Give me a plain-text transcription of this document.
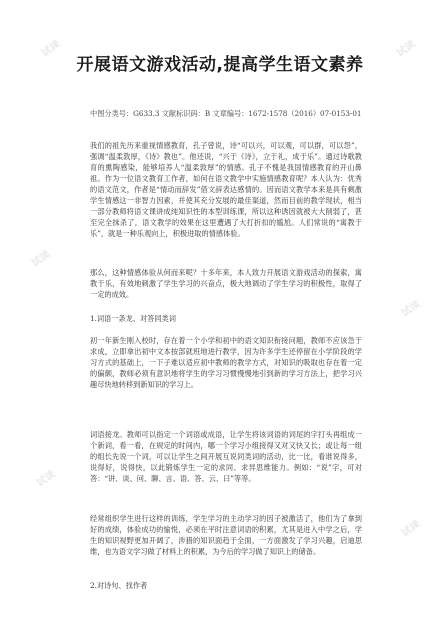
开展语文游戏活动,提高学生语文素养
中图分类号：G633.3 文献标识码：B 文章编号：1672-1578（2016）07-0153-01
我们的祖先历来重视情感教育，孔子曾说，诗“可以兴，可以观，可以群，可以怨”，强调“温柔敦厚，《诗》教也”。他还说，“兴于《诗》，立于礼，成于乐”。通过诗歌教育的熏陶感染，能够培养人“温柔敦厚”的情感。孔子不愧是我国情感教育的开山鼻祖。作为一位语文教育工作者，如何在语文教学中实施情感教育呢？本人认为：优秀的语文范文，作者是“情动而辞发”借文辞表达感情的。因而语文教学本来是具有剩激学生情感这一非智力因素，并使其充分发展的最佳渠道，然而目前的教学现状，相当一部分教师将语文课讲成纯知识性的本型训练课，所以这种诱因就被大大削弱了，甚至完全抹杀了，语文教学的效果在这里遭遇了大打折扣的尴尬。人们常说的“寓教于乐”，就是一种乐观向上，积极进取的情感体验。
那么，这种情感体验从何而来呢？十多年来，本人致力开展语文游戏活动的探索，寓教于乐，有效地刺激了学生学习的兴奋点，极大地调动了学生学习的积极性，取得了一定的成效。
1.词语一条龙、对答同类词
初一年新生刚入校时，存在着一个小学和初中的语文知识衔接问题，教师不应该急于求成，立即拿出初中文本按部就班地进行教学，因为许多学生还停留在小学阶段的学习方式的基础上，一下子难以适应初中教师的教学方式，对知识的吸取也存在着一定的偏颇，教师必须有意识地将学生的学习习惯慢慢地引到新的学习方法上，把学习兴趣尽快地转移到新知识的学习上。
词语接龙。教师可以指定一个词语或成语，让学生将该词语的词尾的字打头再组成一个新词，看一看，在规定的时间内，哪一个学习小组接得又对又快又长；或让每一组的组长先说一个词，可以让学生之间开展互说同类词的活动，比一比，看谁说得多，说得好，说得快，以此锻炼学生一定的求同、求异思维能力。例如：“说”字，可对答：“讲、谈、问、聊、言、语、答、云、曰”等等。
经常组织学生进行这样的训练，学生学习的主动学习的因子被激活了，他们为了拿到好的成绩，体验成功的愉悦，必须在平时注意词语的积累，尤其是进入中学之后，学生的知识视野更加开阔了，涉猎的知识面趋于全面，一方面激发了学习兴趣，启迪思维，也为语文学习做了材料上的积累，为今后的学习做了知识上的储备。
2.对诗句、找作者
试读	试读
试读
试读
试读
试读
